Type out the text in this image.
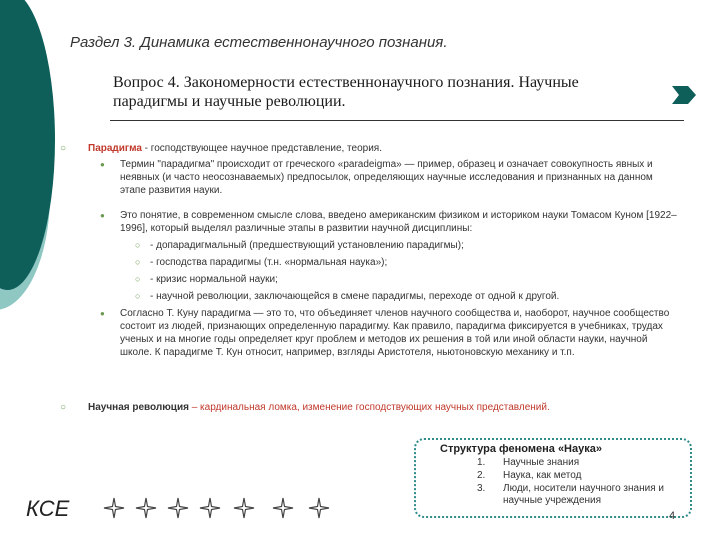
Раздел 3. Динамика естественнонаучного познания.
Вопрос 4. Закономерности естественнонаучного познания. Научные парадигмы и научные революции.
○ Парадигма - господствующее научное представление, теория.
● Термин "парадигма" происходит от греческого «paradeigma» — пример, образец и означает совокупность явных и неявных (и часто неосознаваемых) предпосылок, определяющих научные исследования и признанных на данном этапе развития науки.
● Это понятие, в современном смысле слова, введено американским физиком и историком науки Томасом Куном [1922–1996], который выделял различные этапы в развитии научной дисциплины:
○ - допарадигмальный (предшествующий установлению парадигмы);
○ - господства парадигмы (т.н. «нормальная наука»);
○ - кризис нормальной науки;
○ - научной революции, заключающейся в смене парадигмы, переходе от одной к другой.
● Согласно Т. Куну парадигма — это то, что объединяет членов научного сообщества и, наоборот, научное сообщество состоит из людей, признающих определенную парадигму. Как правило, парадигма фиксируется в учебниках, трудах ученых и на многие годы определяет круг проблем и методов их решения в той или иной области науки, научной школе. К парадигме Т. Кун относит, например, взгляды Аристотеля, ньютоновскую механику и т.п.
○ Научная революция – кардинальная ломка, изменение господствующих научных представлений.
Структура феномена «Наука»
1. Научные знания
2. Наука, как метод
3. Люди, носители научного знания и научные учреждения
КСЕ	4
